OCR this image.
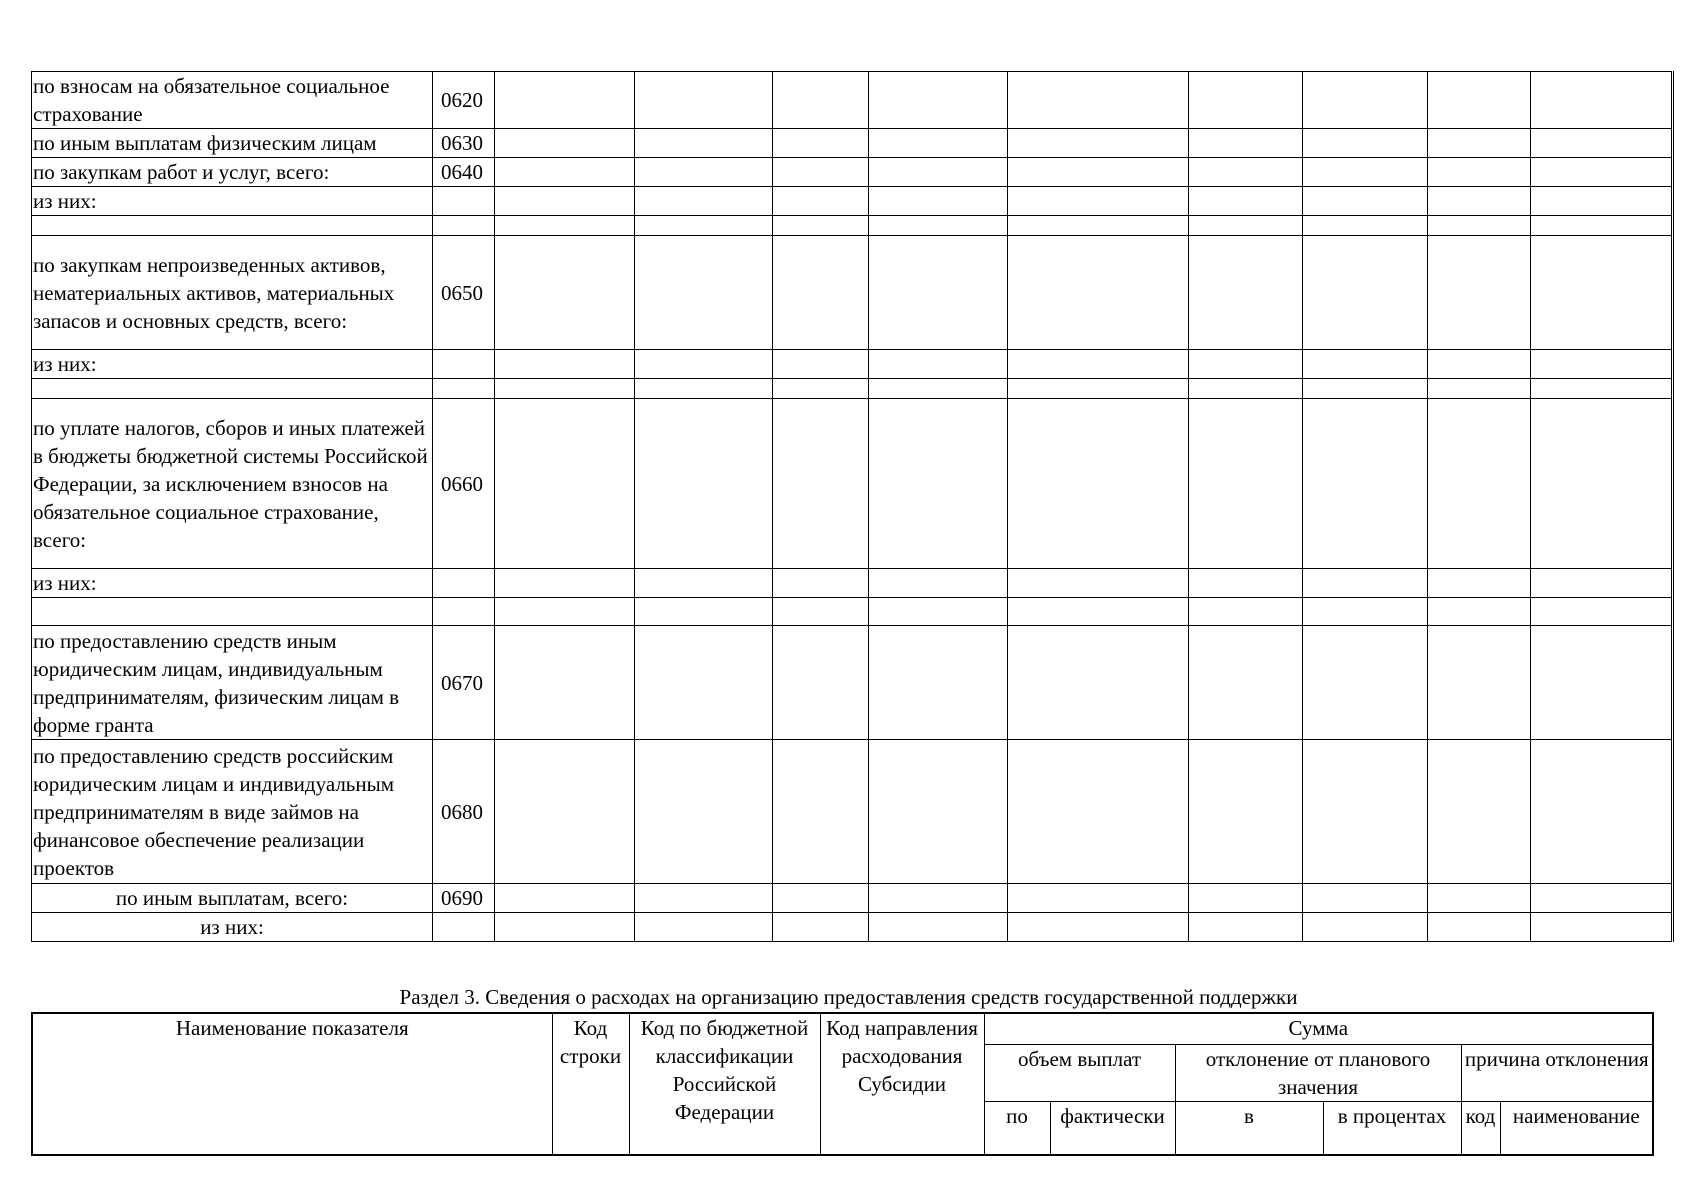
по взносам на обязательное социальное страхование	0620									
по иным выплатам физическим лицам	0630									
по закупкам работ и услуг, всего:	0640									
из них:										

по закупкам непроизведенных активов, нематериальных активов, материальных запасов и основных средств, всего:	0650									
из них:										

по уплате налогов, сборов и иных платежей в бюджеты бюджетной системы Российской Федерации, за исключением взносов на обязательное социальное страхование, всего:	0660									
из них:										

по предоставлению средств иным юридическим лицам, индивидуальным предпринимателям, физическим лицам в форме гранта	0670									
по предоставлению средств российским юридическим лицам и индивидуальным предпринимателям в виде займов на финансовое обеспечение реализации проектов	0680									
по иным выплатам, всего:	0690									
из них:										
Раздел 3. Сведения о расходах на организацию предоставления средств государственной поддержки
Наименование показателя	Код строки	Код по бюджетной классификации Российской Федерации	Код направления расходования Субсидии	Сумма					
				объем выплат		отклонение от планового значения		причина отклонения	
				по	фактически	в	в процентах	код	наименование
